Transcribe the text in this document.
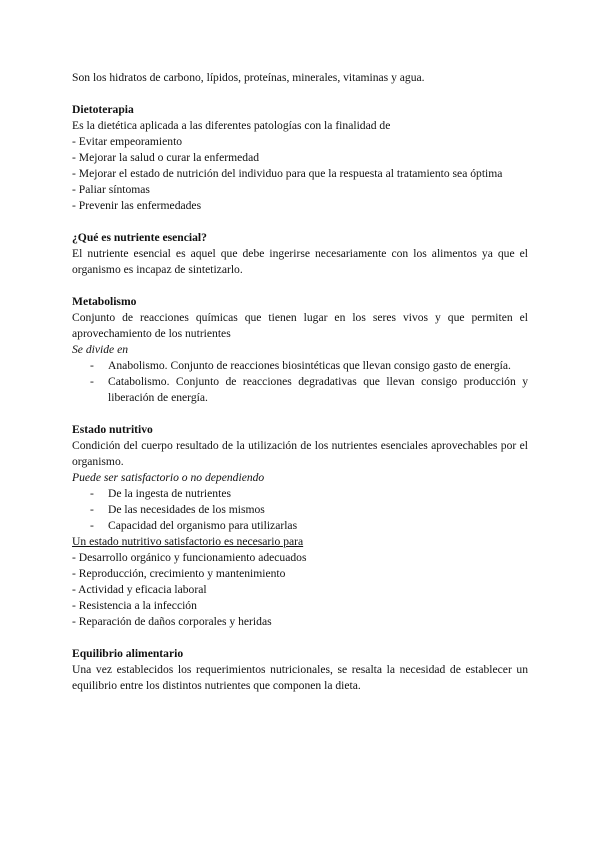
Son los hidratos de carbono, lípidos, proteínas, minerales, vitaminas y agua.

Dietoterapia

Es la dietética aplicada a las diferentes patologías con la finalidad de

- Evitar empeoramiento
- Mejorar la salud o curar la enfermedad
- Mejorar el estado de nutrición del individuo para que la respuesta al tratamiento sea óptima
- Paliar síntomas
- Prevenir las enfermedades

¿Qué es nutriente esencial?

El nutriente esencial es aquel que debe ingerirse necesariamente con los alimentos ya que el organismo es incapaz de sintetizarlo.

Metabolismo

Conjunto de reacciones químicas que tienen lugar en los seres vivos y que permiten el aprovechamiento de los nutrientes

Se divide en

- Anabolismo. Conjunto de reacciones biosintéticas que llevan consigo gasto de energía.
- Catabolismo. Conjunto de reacciones degradativas que llevan consigo producción y liberación de energía.

Estado nutritivo

Condición del cuerpo resultado de la utilización de los nutrientes esenciales aprovechables por el organismo.

Puede ser satisfactorio o no dependiendo

- De la ingesta de nutrientes
- De las necesidades de los mismos
- Capacidad del organismo para utilizarlas

Un estado nutritivo satisfactorio es necesario para

- Desarrollo orgánico y funcionamiento adecuados
- Reproducción, crecimiento y mantenimiento
- Actividad y eficacia laboral
- Resistencia a la infección
- Reparación de daños corporales y heridas

Equilibrio alimentario

Una vez establecidos los requerimientos nutricionales, se resalta la necesidad de establecer un equilibrio entre los distintos nutrientes que componen la dieta.
